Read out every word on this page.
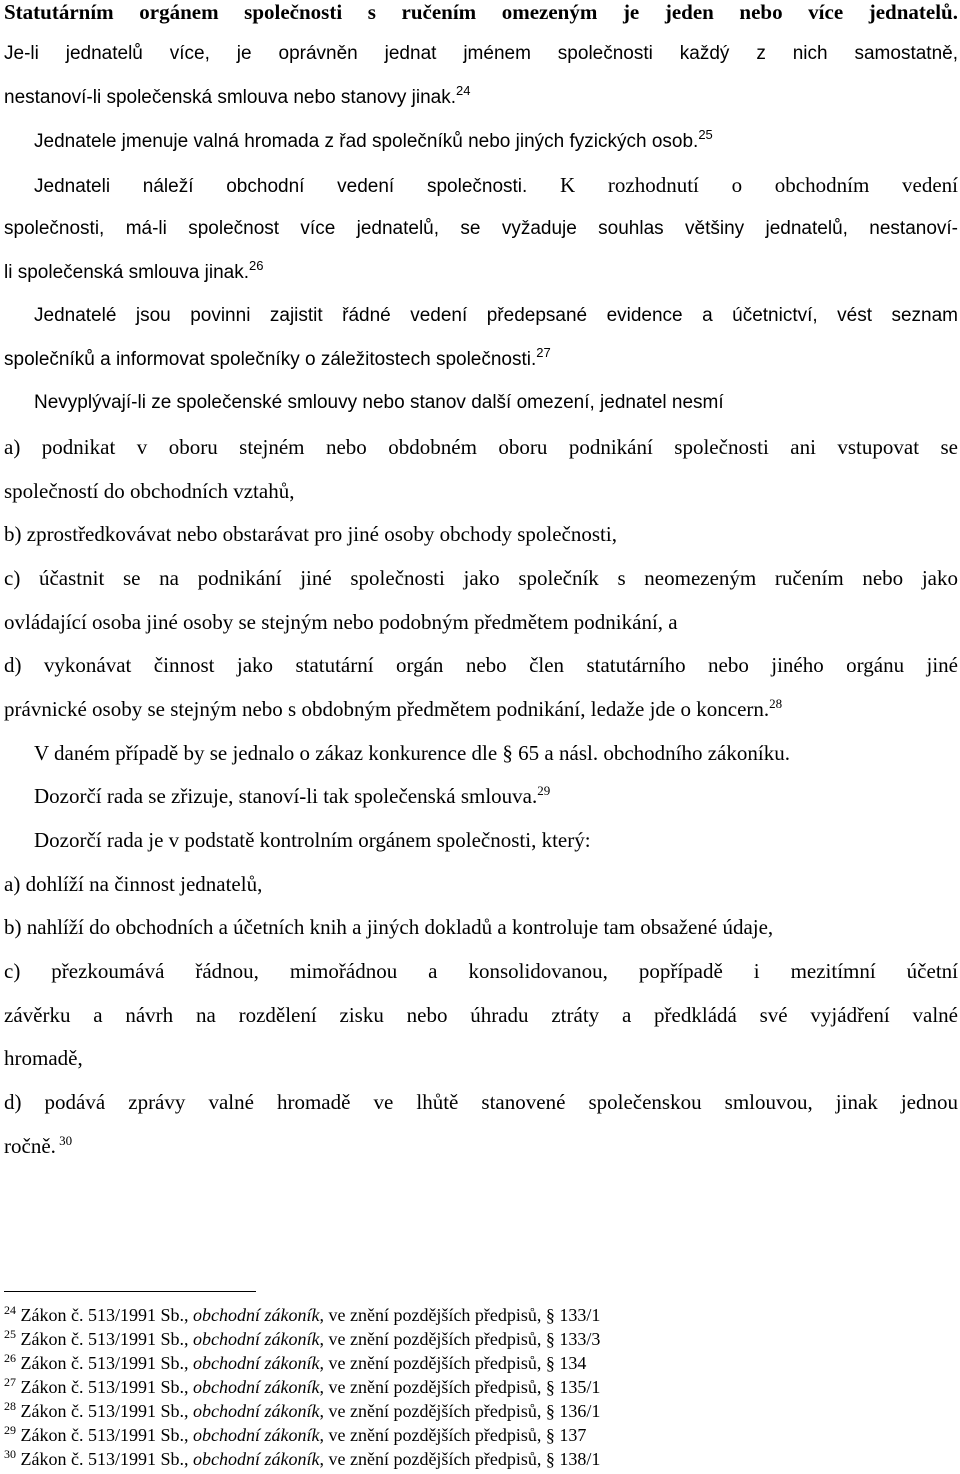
Statutárním orgánem společnosti s ručením omezeným je jeden nebo více jednatelů.
Je-li jednatelů více, je oprávněn jednat jménem společnosti každý z nich samostatně,
nestanoví-li společenská smlouva nebo stanovy jinak.$^{24}$
Jednatele jmenuje valná hromada z řad společníků nebo jiných fyzických osob.$^{25}$
Jednateli náleží obchodní vedení společnosti. K rozhodnutí o obchodním vedení
společnosti, má-li společnost více jednatelů, se vyžaduje souhlas většiny jednatelů, nestanoví-
li společenská smlouva jinak.$^{26}$
Jednatelé jsou povinni zajistit řádné vedení předepsané evidence a účetnictví, vést seznam
společníků a informovat společníky o záležitostech společnosti.$^{27}$
Nevyplývají-li ze společenské smlouvy nebo stanov další omezení, jednatel nesmí
a) podnikat v oboru stejném nebo obdobném oboru podnikání společnosti ani vstupovat se
společností do obchodních vztahů,
b) zprostředkovávat nebo obstarávat pro jiné osoby obchody společnosti,
c) účastnit se na podnikání jiné společnosti jako společník s neomezeným ručením nebo jako
ovládající osoba jiné osoby se stejným nebo podobným předmětem podnikání, a
d) vykonávat činnost jako statutární orgán nebo člen statutárního nebo jiného orgánu jiné
právnické osoby se stejným nebo s obdobným předmětem podnikání, ledaže jde o koncern.$^{28}$
V daném případě by se jednalo o zákaz konkurence dle § 65 a násl. obchodního zákoníku.
Dozorčí rada se zřizuje, stanoví-li tak společenská smlouva.$^{29}$
Dozorčí rada je v podstatě kontrolním orgánem společnosti, který:
a) dohlíží na činnost jednatelů,
b) nahlíží do obchodních a účetních knih a jiných dokladů a kontroluje tam obsažené údaje,
c) přezkoumává řádnou, mimořádnou a konsolidovanou, popřípadě i mezitímní účetní
závěrku a návrh na rozdělení zisku nebo úhradu ztráty a předkládá své vyjádření valné
hromadě,
d) podává zprávy valné hromadě ve lhůtě stanovené společenskou smlouvou, jinak jednou
ročně. $^{30}$
$^{24}$ Zákon č. 513/1991 Sb., obchodní zákoník, ve znění pozdějších předpisů, § 133/1
$^{25}$ Zákon č. 513/1991 Sb., obchodní zákoník, ve znění pozdějších předpisů, § 133/3
$^{26}$ Zákon č. 513/1991 Sb., obchodní zákoník, ve znění pozdějších předpisů, § 134
$^{27}$ Zákon č. 513/1991 Sb., obchodní zákoník, ve znění pozdějších předpisů, § 135/1
$^{28}$ Zákon č. 513/1991 Sb., obchodní zákoník, ve znění pozdějších předpisů, § 136/1
$^{29}$ Zákon č. 513/1991 Sb., obchodní zákoník, ve znění pozdějších předpisů, § 137
$^{30}$ Zákon č. 513/1991 Sb., obchodní zákoník, ve znění pozdějších předpisů, § 138/1
